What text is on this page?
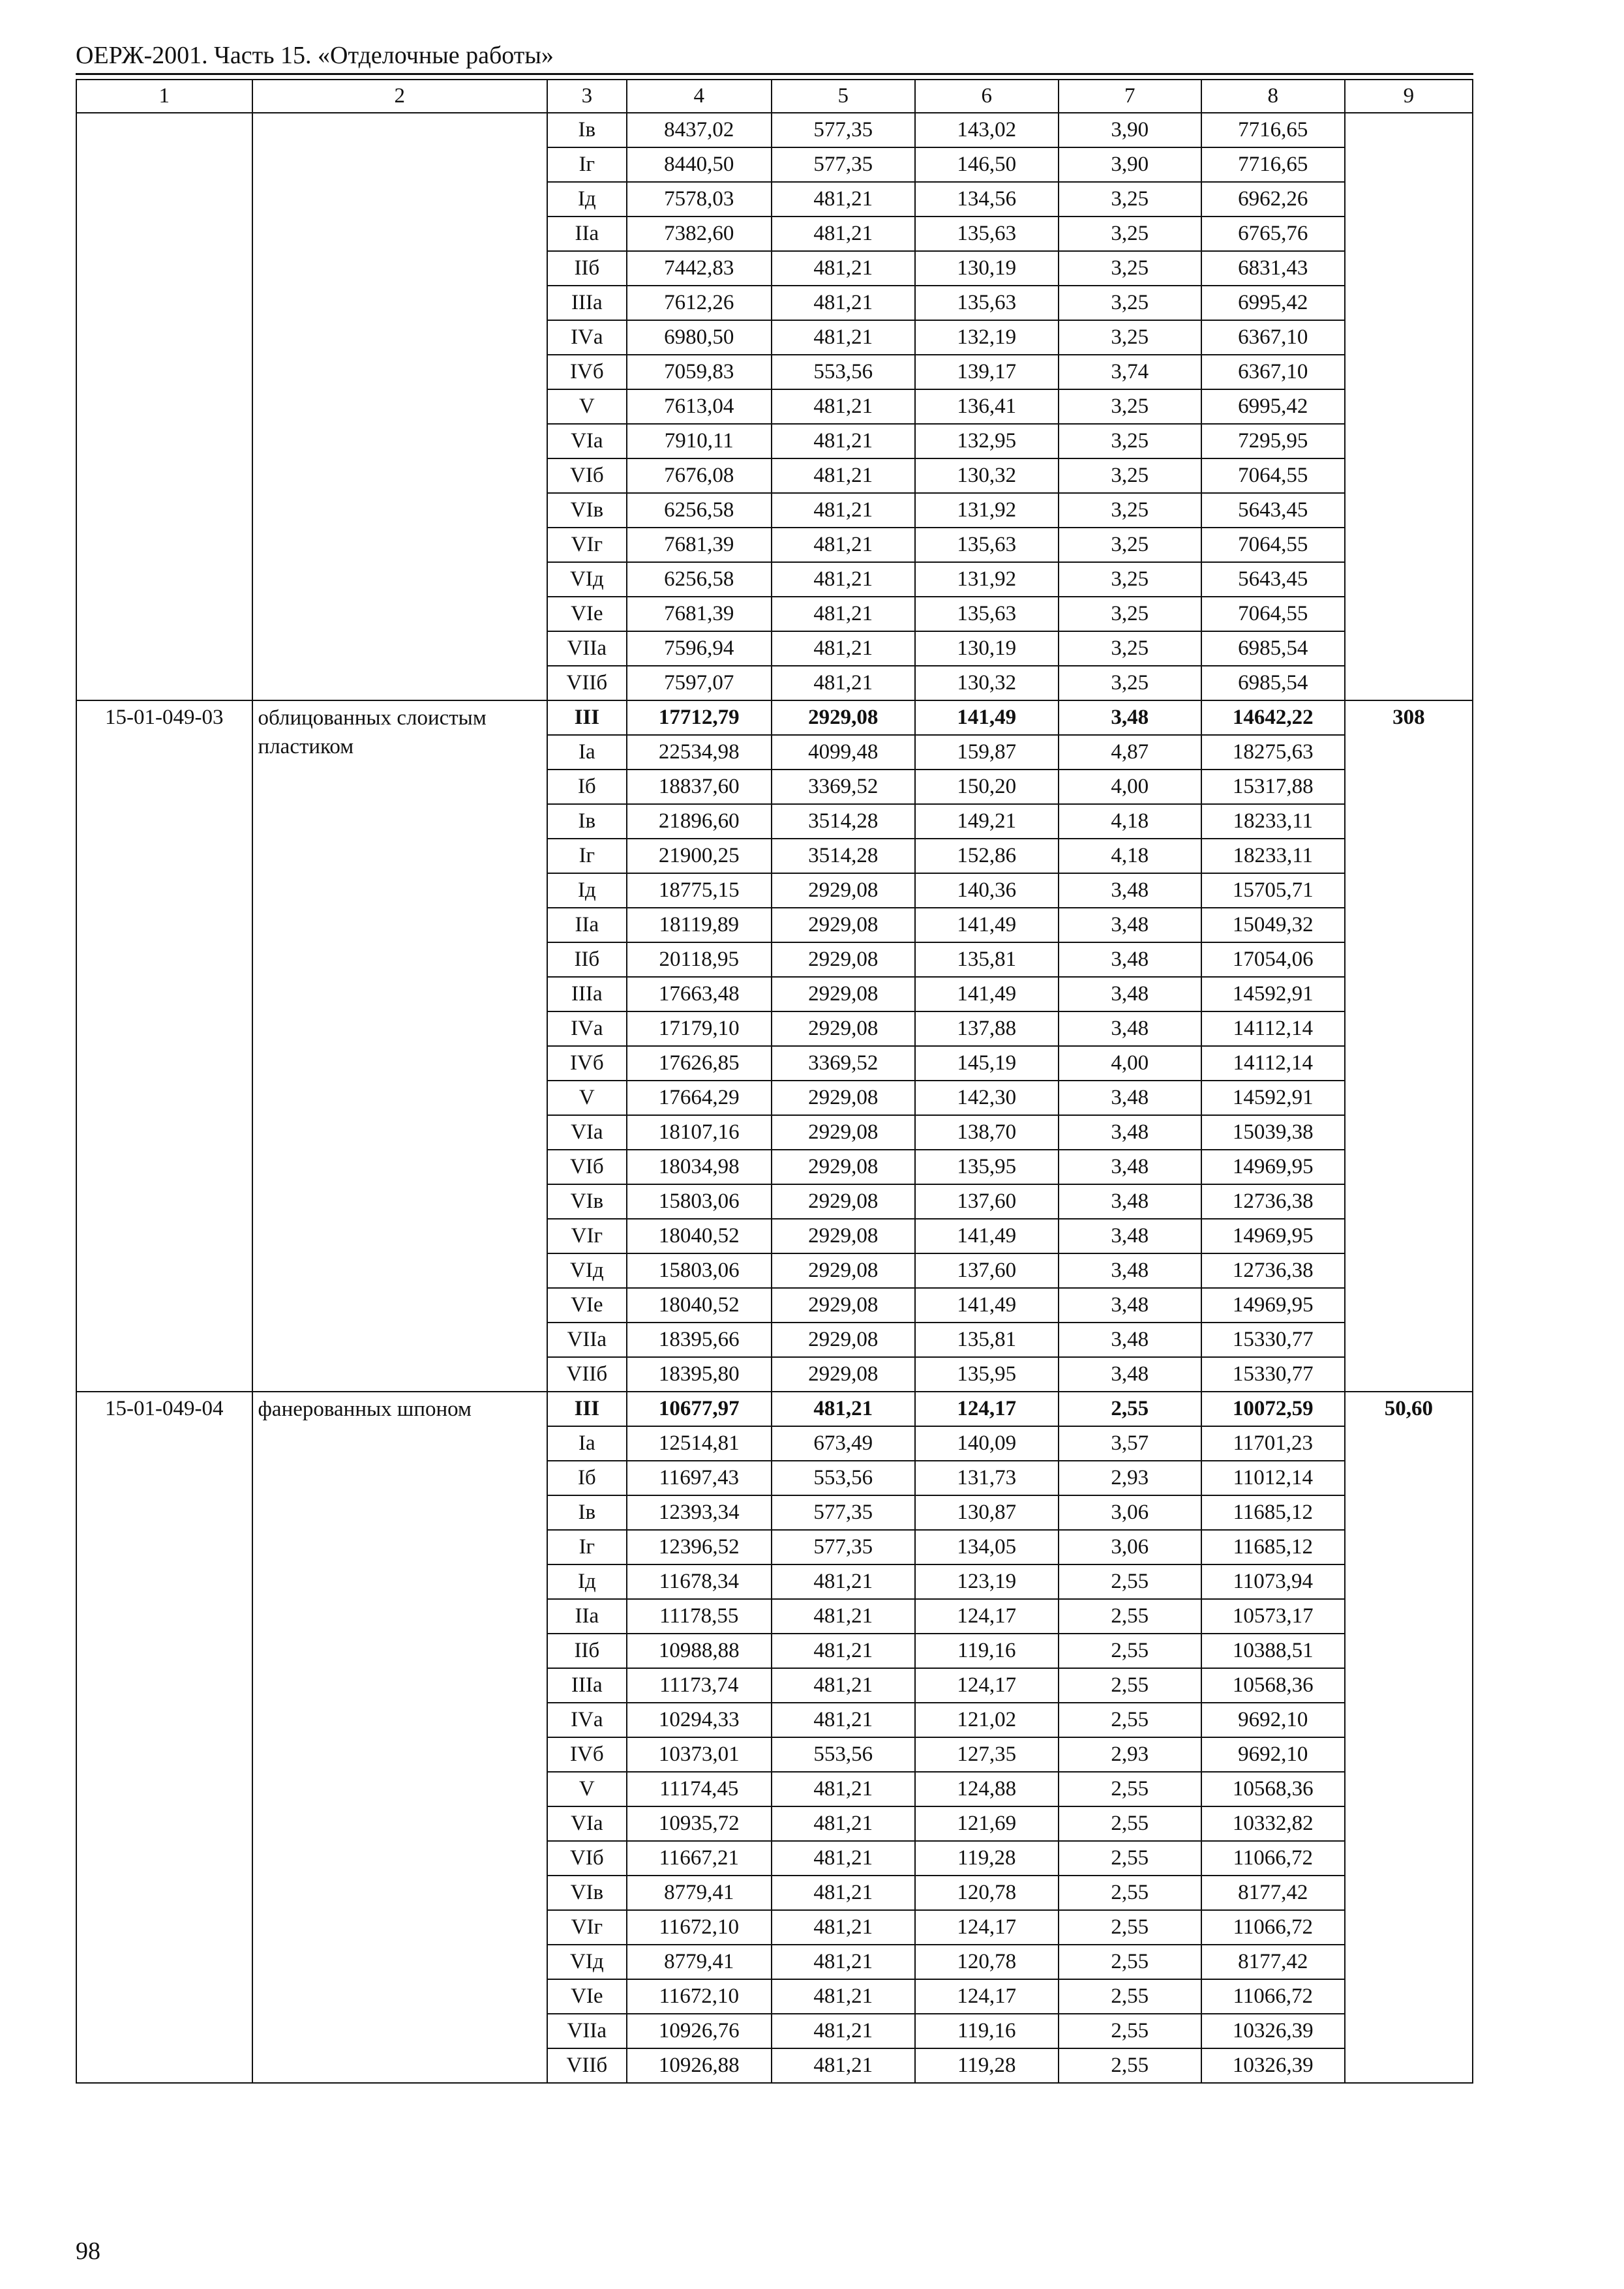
ОЕРЖ-2001. Часть 15. «Отделочные работы»
1	2	3	4	5	6	7	8	9
		Iв	8437,02	577,35	143,02	3,90	7716,65	
		Iг	8440,50	577,35	146,50	3,90	7716,65	
		Iд	7578,03	481,21	134,56	3,25	6962,26	
		IIа	7382,60	481,21	135,63	3,25	6765,76	
		IIб	7442,83	481,21	130,19	3,25	6831,43	
		IIIа	7612,26	481,21	135,63	3,25	6995,42	
		IVа	6980,50	481,21	132,19	3,25	6367,10	
		IVб	7059,83	553,56	139,17	3,74	6367,10	
		V	7613,04	481,21	136,41	3,25	6995,42	
		VIа	7910,11	481,21	132,95	3,25	7295,95	
		VIб	7676,08	481,21	130,32	3,25	7064,55	
		VIв	6256,58	481,21	131,92	3,25	5643,45	
		VIг	7681,39	481,21	135,63	3,25	7064,55	
		VIд	6256,58	481,21	131,92	3,25	5643,45	
		VIе	7681,39	481,21	135,63	3,25	7064,55	
		VIIа	7596,94	481,21	130,19	3,25	6985,54	
		VIIб	7597,07	481,21	130,32	3,25	6985,54	
15-01-049-03	облицованных слоистым пластиком	III	17712,79	2929,08	141,49	3,48	14642,22	308
		Iа	22534,98	4099,48	159,87	4,87	18275,63	
		Iб	18837,60	3369,52	150,20	4,00	15317,88	
		Iв	21896,60	3514,28	149,21	4,18	18233,11	
		Iг	21900,25	3514,28	152,86	4,18	18233,11	
		Iд	18775,15	2929,08	140,36	3,48	15705,71	
		IIа	18119,89	2929,08	141,49	3,48	15049,32	
		IIб	20118,95	2929,08	135,81	3,48	17054,06	
		IIIа	17663,48	2929,08	141,49	3,48	14592,91	
		IVа	17179,10	2929,08	137,88	3,48	14112,14	
		IVб	17626,85	3369,52	145,19	4,00	14112,14	
		V	17664,29	2929,08	142,30	3,48	14592,91	
		VIа	18107,16	2929,08	138,70	3,48	15039,38	
		VIб	18034,98	2929,08	135,95	3,48	14969,95	
		VIв	15803,06	2929,08	137,60	3,48	12736,38	
		VIг	18040,52	2929,08	141,49	3,48	14969,95	
		VIд	15803,06	2929,08	137,60	3,48	12736,38	
		VIе	18040,52	2929,08	141,49	3,48	14969,95	
		VIIа	18395,66	2929,08	135,81	3,48	15330,77	
		VIIб	18395,80	2929,08	135,95	3,48	15330,77	
15-01-049-04	фанерованных шпоном	III	10677,97	481,21	124,17	2,55	10072,59	50,60
		Iа	12514,81	673,49	140,09	3,57	11701,23	
		Iб	11697,43	553,56	131,73	2,93	11012,14	
		Iв	12393,34	577,35	130,87	3,06	11685,12	
		Iг	12396,52	577,35	134,05	3,06	11685,12	
		Iд	11678,34	481,21	123,19	2,55	11073,94	
		IIа	11178,55	481,21	124,17	2,55	10573,17	
		IIб	10988,88	481,21	119,16	2,55	10388,51	
		IIIа	11173,74	481,21	124,17	2,55	10568,36	
		IVа	10294,33	481,21	121,02	2,55	9692,10	
		IVб	10373,01	553,56	127,35	2,93	9692,10	
		V	11174,45	481,21	124,88	2,55	10568,36	
		VIа	10935,72	481,21	121,69	2,55	10332,82	
		VIб	11667,21	481,21	119,28	2,55	11066,72	
		VIв	8779,41	481,21	120,78	2,55	8177,42	
		VIг	11672,10	481,21	124,17	2,55	11066,72	
		VIд	8779,41	481,21	120,78	2,55	8177,42	
		VIе	11672,10	481,21	124,17	2,55	11066,72	
		VIIа	10926,76	481,21	119,16	2,55	10326,39	
		VIIб	10926,88	481,21	119,28	2,55	10326,39	
98
